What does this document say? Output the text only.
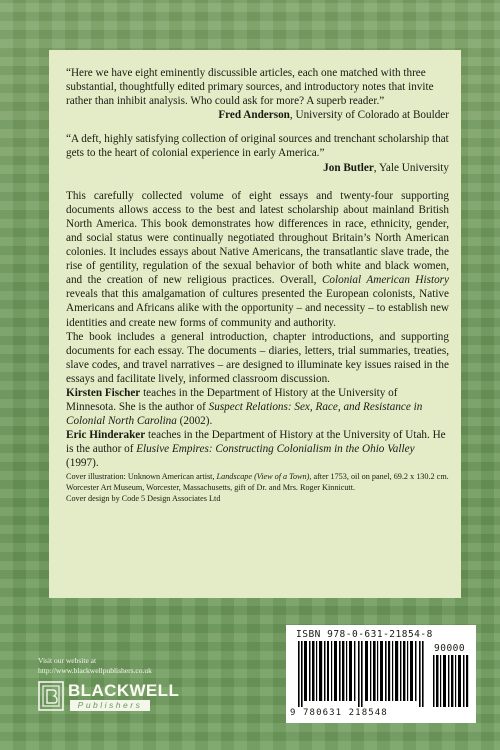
“Here we have eight eminently discussible articles, each one matched with three substantial, thoughtfully edited primary sources, and introductory notes that invite rather than inhibit analysis. Who could ask for more? A superb reader.”

Fred Anderson, University of Colorado at Boulder

“A deft, highly satisfying collection of original sources and trenchant scholarship that gets to the heart of colonial experience in early America.”

Jon Butler, Yale University

This carefully collected volume of eight essays and twenty-four supporting documents allows access to the best and latest scholarship about mainland British North America. This book demonstrates how differences in race, ethnicity, gender, and social status were continually negotiated throughout Britain’s North American colonies. It includes essays about Native Americans, the transatlantic slave trade, the rise of gentility, regulation of the sexual behavior of both white and black women, and the creation of new religious practices. Overall, Colonial American History reveals that this amalgamation of cultures presented the European colonists, Native Americans and Africans alike with the opportunity – and necessity – to establish new identities and create new forms of community and authority.

The book includes a general introduction, chapter introductions, and supporting documents for each essay. The documents – diaries, letters, trial summaries, treaties, slave codes, and travel narratives – are designed to illuminate key issues raised in the essays and facilitate lively, informed classroom discussion.

Kirsten Fischer teaches in the Department of History at the University of Minnesota. She is the author of Suspect Relations: Sex, Race, and Resistance in Colonial North Carolina (2002).

Eric Hinderaker teaches in the Department of History at the University of Utah. He is the author of Elusive Empires: Constructing Colonialism in the Ohio Valley (1997).

Cover illustration: Unknown American artist, Landscape (View of a Town), after 1753, oil on panel, 69.2 x 130.2 cm. Worcester Art Museum, Worcester, Massachusetts, gift of Dr. and Mrs. Roger Kinnicutt.

Cover design by Code 5 Design Associates Ltd

ISBN 978-0-631-21854-8
90000
9 780631 218548
Visit our website at
http://www.blackwellpublishers.co.uk
BLACKWELL
Publishers
